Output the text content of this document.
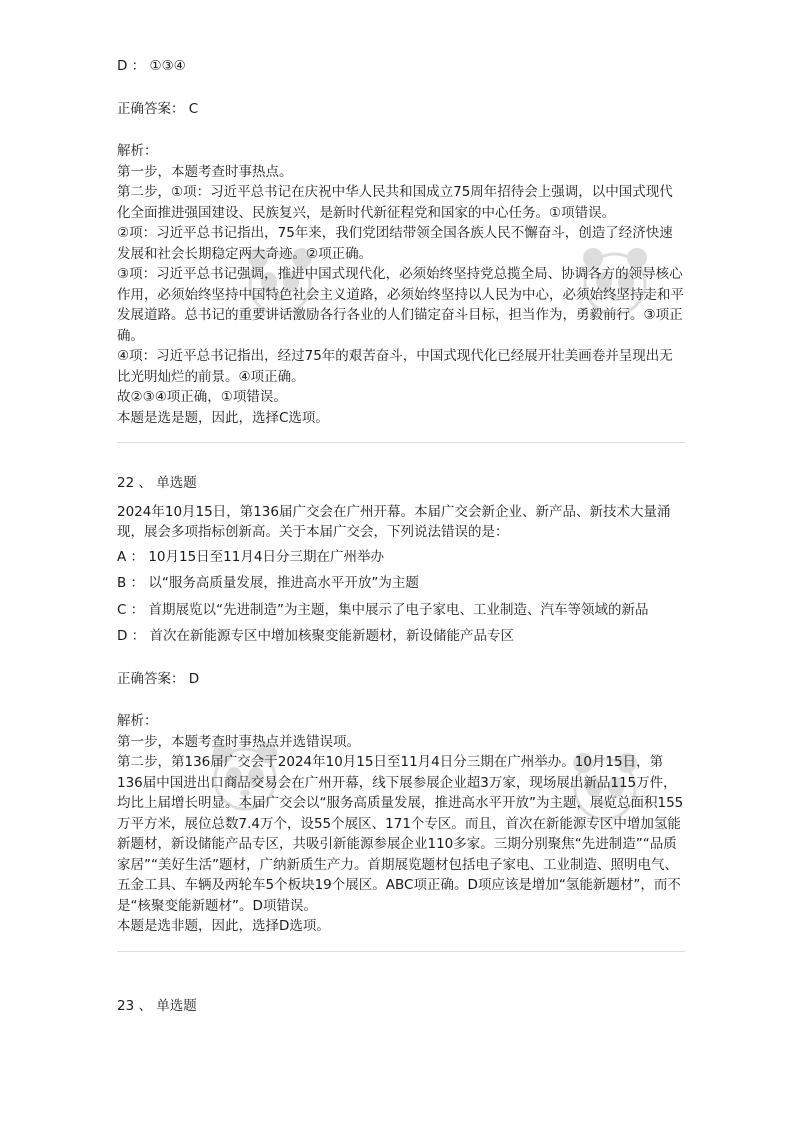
D ： ①③④

正确答案： C

解析：

第一步，本题考查时事热点。

第二步，①项：习近平总书记在庆祝中华人民共和国成立75周年招待会上强调，以中国式现代化全面推进强国建设、民族复兴，是新时代新征程党和国家的中心任务。①项错误。

②项：习近平总书记指出，75年来，我们党团结带领全国各族人民不懈奋斗，创造了经济快速发展和社会长期稳定两大奇迹。②项正确。

③项：习近平总书记强调，推进中国式现代化，必须始终坚持党总揽全局、协调各方的领导核心作用，必须始终坚持中国特色社会主义道路，必须始终坚持以人民为中心，必须始终坚持走和平发展道路。总书记的重要讲话激励各行各业的人们锚定奋斗目标，担当作为，勇毅前行。③项正确。

④项：习近平总书记指出，经过75年的艰苦奋斗，中国式现代化已经展开壮美画卷并呈现出无比光明灿烂的前景。④项正确。

故②③④项正确，①项错误。

本题是选是题，因此，选择C选项。

22 、 单选题

2024年10月15日，第136届广交会在广州开幕。本届广交会新企业、新产品、新技术大量涌现，展会多项指标创新高。关于本届广交会，下列说法错误的是：

A ： 10月15日至11月4日分三期在广州举办

B ： 以“服务高质量发展，推进高水平开放”为主题

C ： 首期展览以“先进制造”为主题，集中展示了电子家电、工业制造、汽车等领域的新品

D ： 首次在新能源专区中增加核聚变能新题材，新设储能产品专区

正确答案： D

解析：

第一步，本题考查时事热点并选错误项。

第二步，第136届广交会于2024年10月15日至11月4日分三期在广州举办。10月15日，第136届中国进出口商品交易会在广州开幕，线下展参展企业超3万家，现场展出新品115万件，均比上届增长明显。本届广交会以“服务高质量发展，推进高水平开放”为主题，展览总面积155万平方米，展位总数7.4万个，设55个展区、171个专区。而且，首次在新能源专区中增加氢能新题材，新设储能产品专区，共吸引新能源参展企业110多家。三期分别聚焦“先进制造”“品质家居”“美好生活”题材，广纳新质生产力。首期展览题材包括电子家电、工业制造、照明电气、五金工具、车辆及两轮车5个板块19个展区。ABC项正确。D项应该是增加“氢能新题材”，而不是“核聚变能新题材”。D项错误。

本题是选非题，因此，选择D选项。

23 、 单选题
